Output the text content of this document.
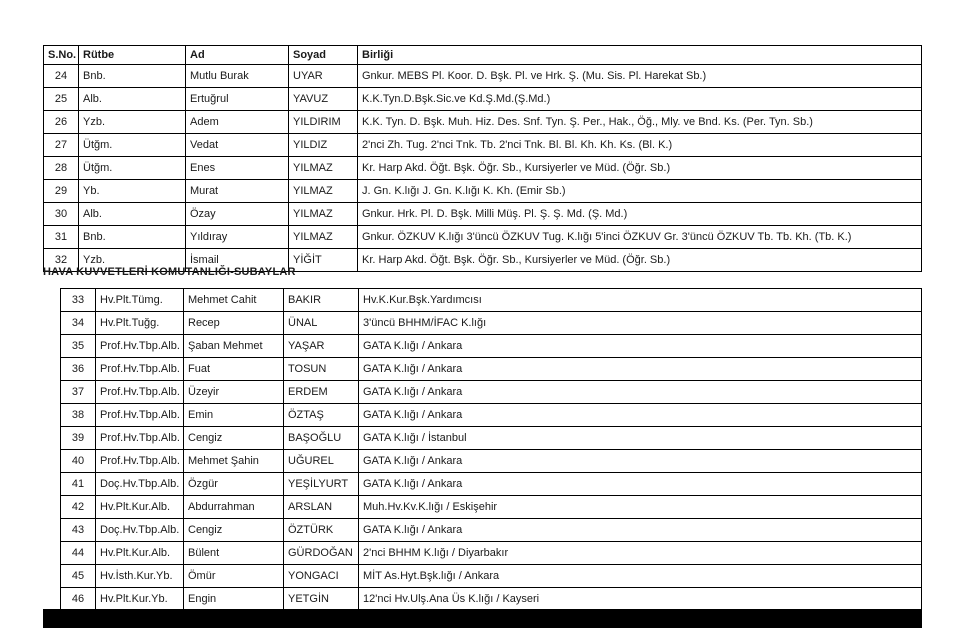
S.No.	Rütbe	Ad	Soyad	Birliği
24	Bnb.	Mutlu Burak	UYAR	Gnkur. MEBS Pl. Koor. D. Bşk. Pl. ve Hrk. Ş. (Mu. Sis. Pl. Harekat Sb.)
25	Alb.	Ertuğrul	YAVUZ	K.K.Tyn.D.Bşk.Sic.ve Kd.Ş.Md.(Ş.Md.)
26	Yzb.	Adem	YILDIRIM	K.K. Tyn. D. Bşk. Muh. Hiz. Des. Snf. Tyn. Ş. Per., Hak., Öğ., Mly. ve Bnd. Ks. (Per. Tyn. Sb.)
27	Ütğm.	Vedat	YILDIZ	2'nci Zh. Tug. 2'nci Tnk. Tb. 2'nci Tnk. Bl. Bl. Kh. Kh. Ks. (Bl. K.)
28	Ütğm.	Enes	YILMAZ	Kr. Harp Akd. Öğt. Bşk. Öğr. Sb., Kursiyerler ve Müd. (Öğr. Sb.)
29	Yb.	Murat	YILMAZ	J. Gn. K.lığı J. Gn. K.lığı K. Kh. (Emir Sb.)
30	Alb.	Özay	YILMAZ	Gnkur. Hrk. Pl. D. Bşk. Milli Müş. Pl. Ş. Ş. Md. (Ş. Md.)
31	Bnb.	Yıldıray	YILMAZ	Gnkur. ÖZKUV K.lığı 3'üncü ÖZKUV Tug. K.lığı 5'inci ÖZKUV Gr. 3'üncü ÖZKUV Tb. Tb. Kh. (Tb. K.)
32	Yzb.	İsmail	YİĞİT	Kr. Harp Akd. Öğt. Bşk. Öğr. Sb., Kursiyerler ve Müd. (Öğr. Sb.)
HAVA KUVVETLERİ KOMUTANLIĞI-SUBAYLAR
33	Hv.Plt.Tümg.	Mehmet Cahit	BAKIR	Hv.K.Kur.Bşk.Yardımcısı
34	Hv.Plt.Tuğg.	Recep	ÜNAL	3'üncü BHHM/İFAC K.lığı
35	Prof.Hv.Tbp.Alb.	Şaban Mehmet	YAŞAR	GATA K.lığı / Ankara
36	Prof.Hv.Tbp.Alb.	Fuat	TOSUN	GATA K.lığı / Ankara
37	Prof.Hv.Tbp.Alb.	Üzeyir	ERDEM	GATA K.lığı / Ankara
38	Prof.Hv.Tbp.Alb.	Emin	ÖZTAŞ	GATA K.lığı / Ankara
39	Prof.Hv.Tbp.Alb.	Cengiz	BAŞOĞLU	GATA K.lığı / İstanbul
40	Prof.Hv.Tbp.Alb.	Mehmet Şahin	UĞUREL	GATA K.lığı / Ankara
41	Doç.Hv.Tbp.Alb.	Özgür	YEŞİLYURT	GATA K.lığı / Ankara
42	Hv.Plt.Kur.Alb.	Abdurrahman	ARSLAN	Muh.Hv.Kv.K.lığı / Eskişehir
43	Doç.Hv.Tbp.Alb.	Cengiz	ÖZTÜRK	GATA K.lığı / Ankara
44	Hv.Plt.Kur.Alb.	Bülent	GÜRDOĞAN	2'nci BHHM K.lığı / Diyarbakır
45	Hv.İsth.Kur.Yb.	Ömür	YONGACI	MİT As.Hyt.Bşk.lığı / Ankara
46	Hv.Plt.Kur.Yb.	Engin	YETGİN	12'nci Hv.Ulş.Ana Üs K.lığı / Kayseri
